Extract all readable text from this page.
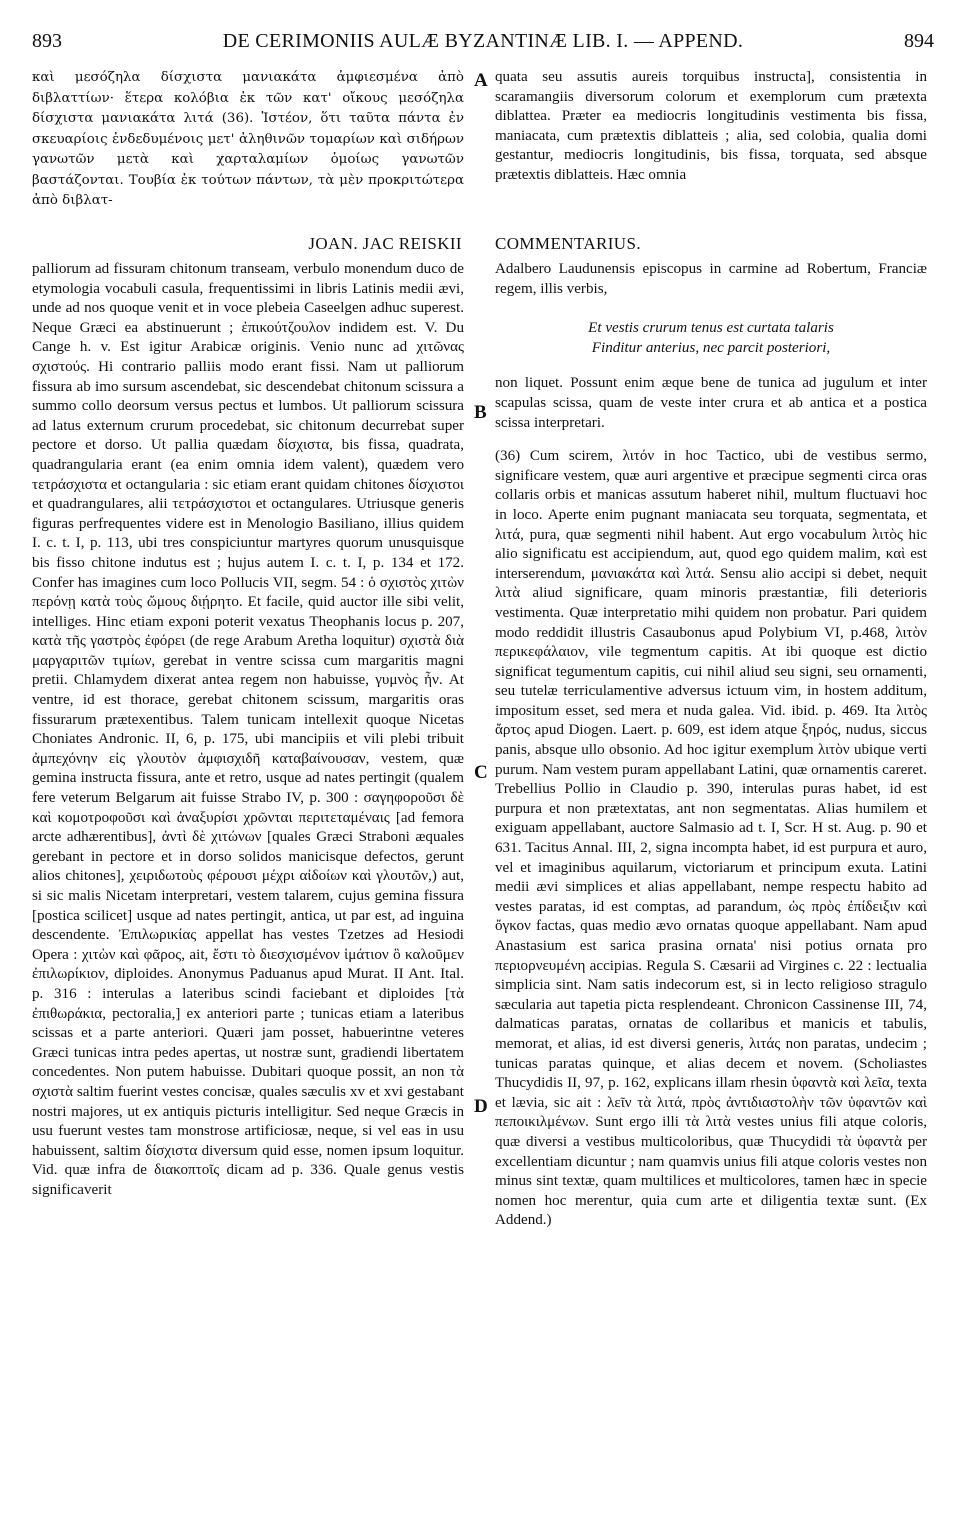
893	DE CERIMONIIS AULÆ BYZANTINÆ LIB. I. — APPEND.	894
A
B
C
D

καὶ μεσόζηλα δίσχιστα μανιακάτα ἀμφιεσμένα ἀπὸ διβλαττίων· ἕτερα κολόβια ἐκ τῶν κατ' οἴκους μεσόζηλα δίσχιστα μανιακάτα λιτά (36). Ἰστέον, ὅτι ταῦτα πάντα ἐν σκευαρίοις ἐνδεδυμένοις μετ' ἀληθινῶν τομαρίων καὶ σιδήρων γανωτῶν μετὰ καὶ χαρταλαμίων ὁμοίως γανωτῶν βαστάζονται. Τουβία ἐκ τούτων πάντων, τὰ μὲν προκριτώτερα ἀπὸ διβλατ-

quata seu assutis aureis torquibus instructa], consistentia in scaramangiis diversorum colorum et exemplorum cum prætexta diblattea. Præter ea mediocris longitudinis vestimenta bis fissa, maniacata, cum prætextis diblatteis ; alia, sed colobia, qualia domi gestantur, mediocris longitudinis, bis fissa, torquata, sed absque prætextis diblatteis. Hæc omnia

JOAN. JAC REISKII COMMENTARIUS.

palliorum ad fissuram chitonum transeam, verbulo monendum duco de etymologia vocabuli casula, frequentissimi in libris Latinis medii ævi, unde ad nos quoque venit et in voce plebeia Caseelgen adhuc superest. Neque Græci ea abstinuerunt ; ἐπικούτζουλον indidem est. V. Du Cange h. v. Est igitur Arabicæ originis. Venio nunc ad χιτῶνας σχιστούς. Hi contrario palliis modo erant fissi. Nam ut palliorum fissura ab imo sursum ascendebat, sic descendebat chitonum scissura a summo collo deorsum versus pectus et lumbos. Ut palliorum scissura ad latus externum crurum procedebat, sic chitonum decurrebat super pectore et dorso. Ut pallia quædam δίσχιστα, bis fissa, quadrata, quadrangularia erant (ea enim omnia idem valent), quædem vero τετράσχιστα et octangularia : sic etiam erant quidam chitones δίσχιστοι et quadrangulares, alii τετράσχιστοι et octangulares. Utriusque generis figuras perfrequentes videre est in Menologio Basiliano, illius quidem I. c. t. I, p. 113, ubi tres conspiciuntur martyres quorum unusquisque bis fisso chitone indutus est ; hujus autem I. c. t. I, p. 134 et 172. Confer has imagines cum loco Pollucis VII, segm. 54 : ὁ σχιστὸς χιτὼν περόνῃ κατὰ τοὺς ὤμους διῄρητο. Et facile, quid auctor ille sibi velit, intelliges. Hinc etiam exponi poterit vexatus Theophanis locus p. 207, κατὰ τῆς γαστρὸς ἐφόρει (de rege Arabum Aretha loquitur) σχιστὰ διὰ μαργαριτῶν τιμίων, gerebat in ventre scissa cum margaritis magni pretii. Chlamydem dixerat antea regem non habuisse, γυμνὸς ἦν. At ventre, id est thorace, gerebat chitonem scissum, margaritis oras fissurarum prætexentibus. Talem tunicam intellexit quoque Nicetas Choniates Andronic. II, 6, p. 175, ubi mancipiis et vili plebi tribuit ἀμπεχόνην εἰς γλουτὸν ἀμφισχιδῆ καταβαίνουσαν, vestem, quæ gemina instructa fissura, ante et retro, usque ad nates pertingit (qualem fere veterum Belgarum ait fuisse Strabo IV, p. 300 : σαγηφοροῦσι δὲ καὶ κομοτροφοῦσι καὶ ἀναξυρίσι χρῶνται περιτεταμέναις [ad femora arcte adhærentibus], ἀντὶ δὲ χιτώνων [quales Græci Straboni æquales gerebant in pectore et in dorso solidos manicisque defectos, gerunt alios chitones], χειριδωτοὺς φέρουσι μέχρι αἰδοίων καὶ γλουτῶν,) aut, si sic malis Nicetam interpretari, vestem talarem, cujus gemina fissura [postica scilicet] usque ad nates pertingit, antica, ut par est, ad inguina descendente. Ἐπιλωρικίας appellat has vestes Tzetzes ad Hesiodi Opera : χιτὼν καὶ φᾶρος, ait, ἔστι τὸ διεσχισμένον ἱμάτιον ὃ καλοῦμεν ἐπιλωρίκιον, diploides. Anonymus Paduanus apud Murat. II Ant. Ital. p. 316 : interulas a lateribus scindi faciebant et diploides [τὰ ἐπιθωράκια, pectoralia,] ex anteriori parte ; tunicas etiam a lateribus scissas et a parte anteriori. Quæri jam posset, habuerintne veteres Græci tunicas intra pedes apertas, ut nostræ sunt, gradiendi libertatem concedentes. Non putem habuisse. Dubitari quoque possit, an non τὰ σχιστὰ saltim fuerint vestes concisæ, quales sæculis xv et xvi gestabant nostri majores, ut ex antiquis picturis intelligitur. Sed neque Græcis in usu fuerunt vestes tam monstrose artificiosæ, neque, si vel eas in usu habuissent, saltim δίσχιστα diversum quid esse, nomen ipsum loquitur. Vid. quæ infra de διακοπτοῖς dicam ad p. 336. Quale genus vestis significaverit

Adalbero Laudunensis episcopus in carmine ad Robertum, Franciæ regem, illis verbis,

Et vestis crurum tenus est curtata talaris
Finditur anterius, nec parcit posteriori,

non liquet. Possunt enim æque bene de tunica ad jugulum et inter scapulas scissa, quam de veste inter crura et ab antica et a postica scissa interpretari.

(36) Cum scirem, λιτόν in hoc Tactico, ubi de vestibus sermo, significare vestem, quæ auri argentive et præcipue segmenti circa oras collaris orbis et manicas assutum haberet nihil, multum fluctuavi hoc in loco. Aperte enim pugnant maniacata seu torquata, segmentata, et λιτά, pura, quæ segmenti nihil habent. Aut ergo vocabulum λιτὸς hic alio significatu est accipiendum, aut, quod ego quidem malim, καὶ est interserendum, μανιακάτα καὶ λιτά. Sensu alio accipi si debet, nequit λιτὰ aliud significare, quam minoris præstantiæ, fili deterioris vestimenta. Quæ interpretatio mihi quidem non probatur. Pari quidem modo reddidit illustris Casaubonus apud Polybium VI, p.468, λιτὸν περικεφάλαιον, vile tegmentum capitis. At ibi quoque est dictio significat tegumentum capitis, cui nihil aliud seu signi, seu ornamenti, seu tutelæ terriculamentive adversus ictuum vim, in hostem additum, impositum esset, sed mera et nuda galea. Vid. ibid. p. 469. Ita λιτὸς ἄρτος apud Diogen. Laert. p. 609, est idem atque ξηρός, nudus, siccus panis, absque ullo obsonio. Ad hoc igitur exemplum λιτὸν ubique verti purum. Nam vestem puram appellabant Latini, quæ ornamentis careret. Trebellius Pollio in Claudio p. 390, interulas puras habet, id est purpura et non prætextatas, ant non segmentatas. Alias humilem et exiguam appellabant, auctore Salmasio ad t. I, Scr. H st. Aug. p. 90 et 631. Tacitus Annal. III, 2, signa incompta habet, id est purpura et auro, vel et imaginibus aquilarum, victoriarum et principum exuta. Latini medii ævi simplices et alias appellabant, nempe respectu habito ad vestes paratas, id est comptas, ad parandum, ὡς πρὸς ἐπίδειξιν καὶ ὄγκον factas, quas medio ævo ornatas quoque appellabant. Nam apud Anastasium est sarica prasina ornata' nisi potius ornata pro περιορνευμένη accipias. Regula S. Cæsarii ad Virgines c. 22 : lectualia simplicia sint. Nam satis indecorum est, si in lecto religioso stragulo sæcularia aut tapetia picta resplendeant. Chronicon Cassinense III, 74, dalmaticas paratas, ornatas de collaribus et manicis et tabulis, memorat, et alias, id est diversi generis, λιτάς non paratas, undecim ; tunicas paratas quinque, et alias decem et novem. (Scholiastes Thucydidis II, 97, p. 162, explicans illam rhesin ὑφαντὰ καὶ λεῖα, texta et lævia, sic ait : λεῖν τὰ λιτά, πρὸς ἀντιδιαστολὴν τῶν ὑφαντῶν καὶ πεποικιλμένων. Sunt ergo illi τὰ λιτὰ vestes unius fili atque coloris, quæ diversi a vestibus multicoloribus, quæ Thucydidi τὰ ὑφαντὰ per excellentiam dicuntur ; nam quamvis unius fili atque coloris vestes non minus sint textæ, quam multilices et multicolores, tamen hæc in specie nomen hoc merentur, quia cum arte et diligentia textæ sunt. (Ex Addend.)
